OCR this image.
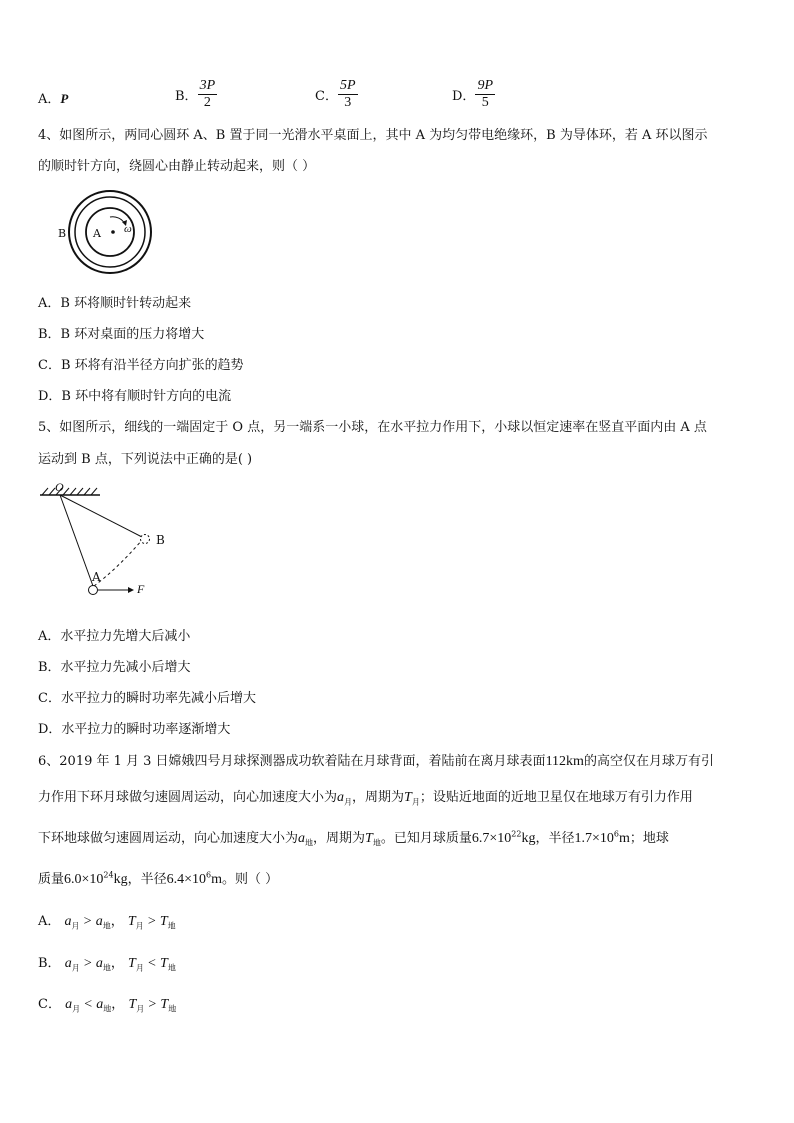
A．P	B． $\frac{3P}{2}$	C． $\frac{5P}{3}$	D． $\frac{9P}{5}$
4、如图所示，两同心圆环 A、B 置于同一光滑水平桌面上，其中 A 为均匀带电绝缘环，B 为导体环，若 A 环以图示
的顺时针方向，绕圆心由静止转动起来，则（ ）
B A ω
A．B 环将顺时针转动起来
B．B 环对桌面的压力将增大
C．B 环将有沿半径方向扩张的趋势
D．B 环中将有顺时针方向的电流
5、如图所示，细线的一端固定于 O 点，另一端系一小球，在水平拉力作用下，小球以恒定速率在竖直平面内由 A 点
运动到 B 点，下列说法中正确的是( )
O
A
B
F
A．水平拉力先增大后减小
B．水平拉力先减小后增大
C．水平拉力的瞬时功率先减小后增大
D．水平拉力的瞬时功率逐渐增大
6、2019 年 1 月 3 日嫦娥四号月球探测器成功软着陆在月球背面，着陆前在离月球表面112km的高空仅在月球万有引
力作用下环月球做匀速圆周运动，向心加速度大小为$a_月$，周期为$T_月$；设贴近地面的近地卫星仅在地球万有引力作用
下环地球做匀速圆周运动，向心加速度大小为$a_地$，周期为$T_地$。已知月球质量$6.7\times 10^{22}kg$，半径$1.7\times 10^6m$；地球
质量$6.0\times 10^{24}kg$，半径$6.4\times 10^6m$。则（ ）
A． $a_月 > a_地$， $T_月 > T_地$
B． $a_月 > a_地$， $T_月 < T_地$
C． $a_月 < a_地$， $T_月 > T_地$
